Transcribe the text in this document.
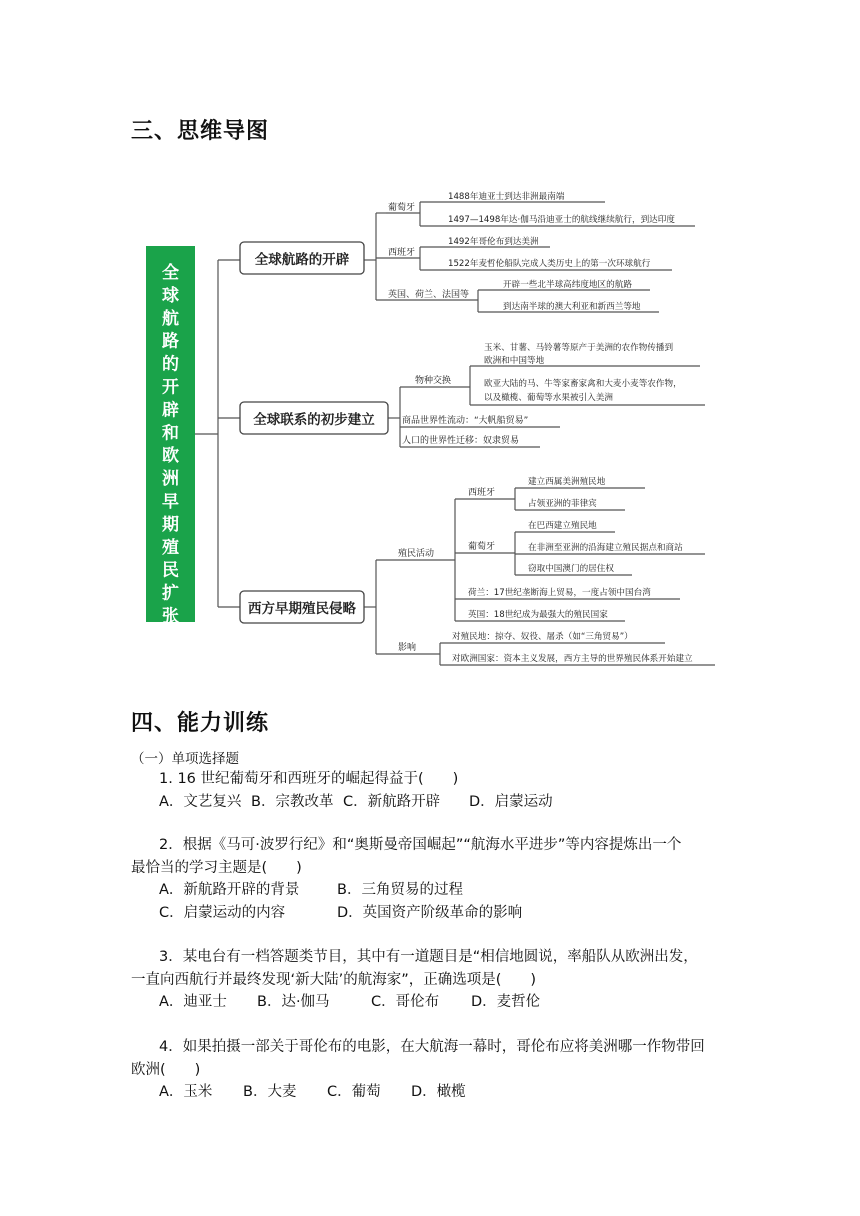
三、思维导图
全
球
航
路
的
开
辟
和
欧
洲
早
期
殖
民
扩
张
全球航路的开辟
全球联系的初步建立
西方早期殖民侵略
葡萄牙
1488年迪亚士到达非洲最南端
1497—1498年达·伽马沿迪亚士的航线继续航行，到达印度
西班牙
1492年哥伦布到达美洲
1522年麦哲伦船队完成人类历史上的第一次环球航行
英国、荷兰、法国等
开辟一些北半球高纬度地区的航路
到达南半球的澳大利亚和新西兰等地
物种交换
玉米、甘薯、马铃薯等原产于美洲的农作物传播到
欧洲和中国等地
欧亚大陆的马、牛等家畜家禽和大麦小麦等农作物，
以及橄榄、葡萄等水果被引入美洲
商品世界性流动：“大帆船贸易”
人口的世界性迁移：奴隶贸易
殖民活动
西班牙
建立西属美洲殖民地
占领亚洲的菲律宾
葡萄牙
在巴西建立殖民地
在非洲至亚洲的沿海建立殖民据点和商站
窃取中国澳门的居住权
荷兰：17世纪垄断海上贸易，一度占领中国台湾
英国：18世纪成为最强大的殖民国家
影响
对殖民地：掠夺、奴役、屠杀（如“三角贸易”）
对欧洲国家：资本主义发展，西方主导的世界殖民体系开始建立
四、能力训练
（一）单项选择题
1. 16 世纪葡萄牙和西班牙的崛起得益于(　　)
A．文艺复兴 B．宗教改革 C．新航路开辟 D．启蒙运动
2．根据《马可·波罗行纪》和“奥斯曼帝国崛起”“航海水平进步”等内容提炼出一个
最恰当的学习主题是(　　)
A．新航路开辟的背景	B．三角贸易的过程
C．启蒙运动的内容	D．英国资产阶级革命的影响
3．某电台有一档答题类节目，其中有一道题目是“相信地圆说，率船队从欧洲出发，
一直向西航行并最终发现‘新大陆’的航海家”，正确选项是(　　)
A．迪亚士 B．达·伽马	C．哥伦布 D．麦哲伦
4．如果拍摄一部关于哥伦布的电影，在大航海一幕时，哥伦布应将美洲哪一作物带回
欧洲(　　)
A．玉米 B．大麦 C．葡萄 D．橄榄
